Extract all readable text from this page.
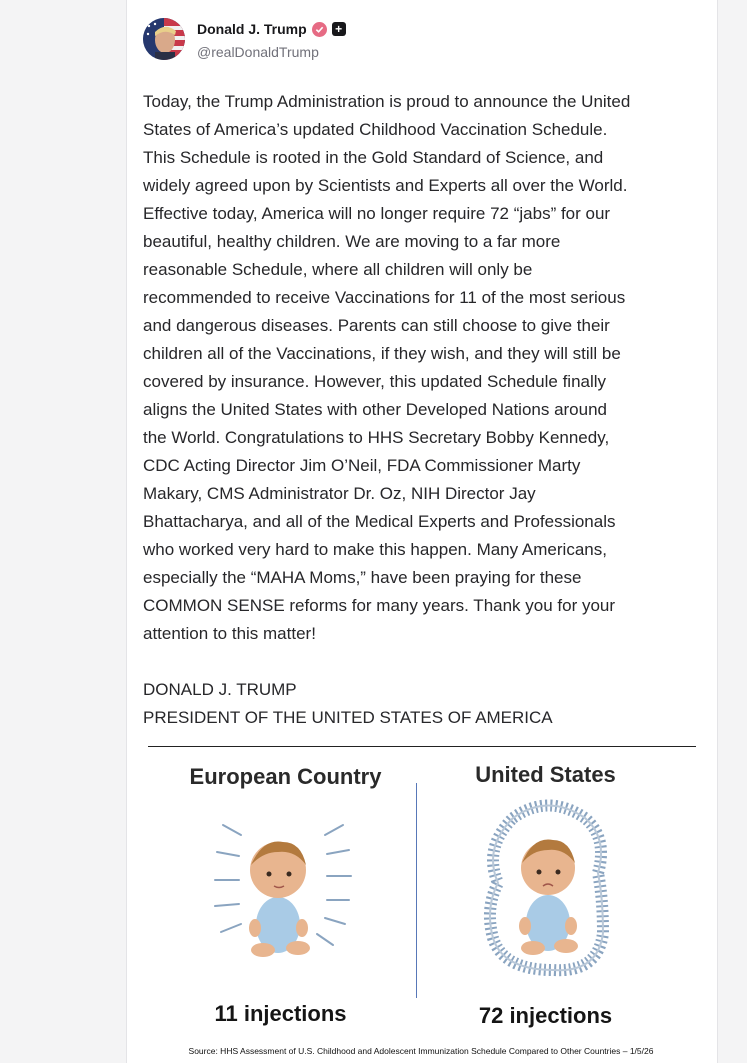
Donald J. Trump +
@realDonaldTrump
Today, the Trump Administration is proud to announce the United
States of America’s updated Childhood Vaccination Schedule.
This Schedule is rooted in the Gold Standard of Science, and
widely agreed upon by Scientists and Experts all over the World.
Effective today, America will no longer require 72 “jabs” for our
beautiful, healthy children. We are moving to a far more
reasonable Schedule, where all children will only be
recommended to receive Vaccinations for 11 of the most serious
and dangerous diseases. Parents can still choose to give their
children all of the Vaccinations, if they wish, and they will still be
covered by insurance. However, this updated Schedule finally
aligns the United States with other Developed Nations around
the World. Congratulations to HHS Secretary Bobby Kennedy,
CDC Acting Director Jim O’Neil, FDA Commissioner Marty
Makary, CMS Administrator Dr. Oz, NIH Director Jay
Bhattacharya, and all of the Medical Experts and Professionals
who worked very hard to make this happen. Many Americans,
especially the “MAHA Moms,” have been praying for these
COMMON SENSE reforms for many years. Thank you for your
attention to this matter!
DONALD J. TRUMP
PRESIDENT OF THE UNITED STATES OF AMERICA
European Country	United States
11 injections	72 injections
Source: HHS Assessment of U.S. Childhood and Adolescent Immunization Schedule Compared to Other Countries – 1/5/26
